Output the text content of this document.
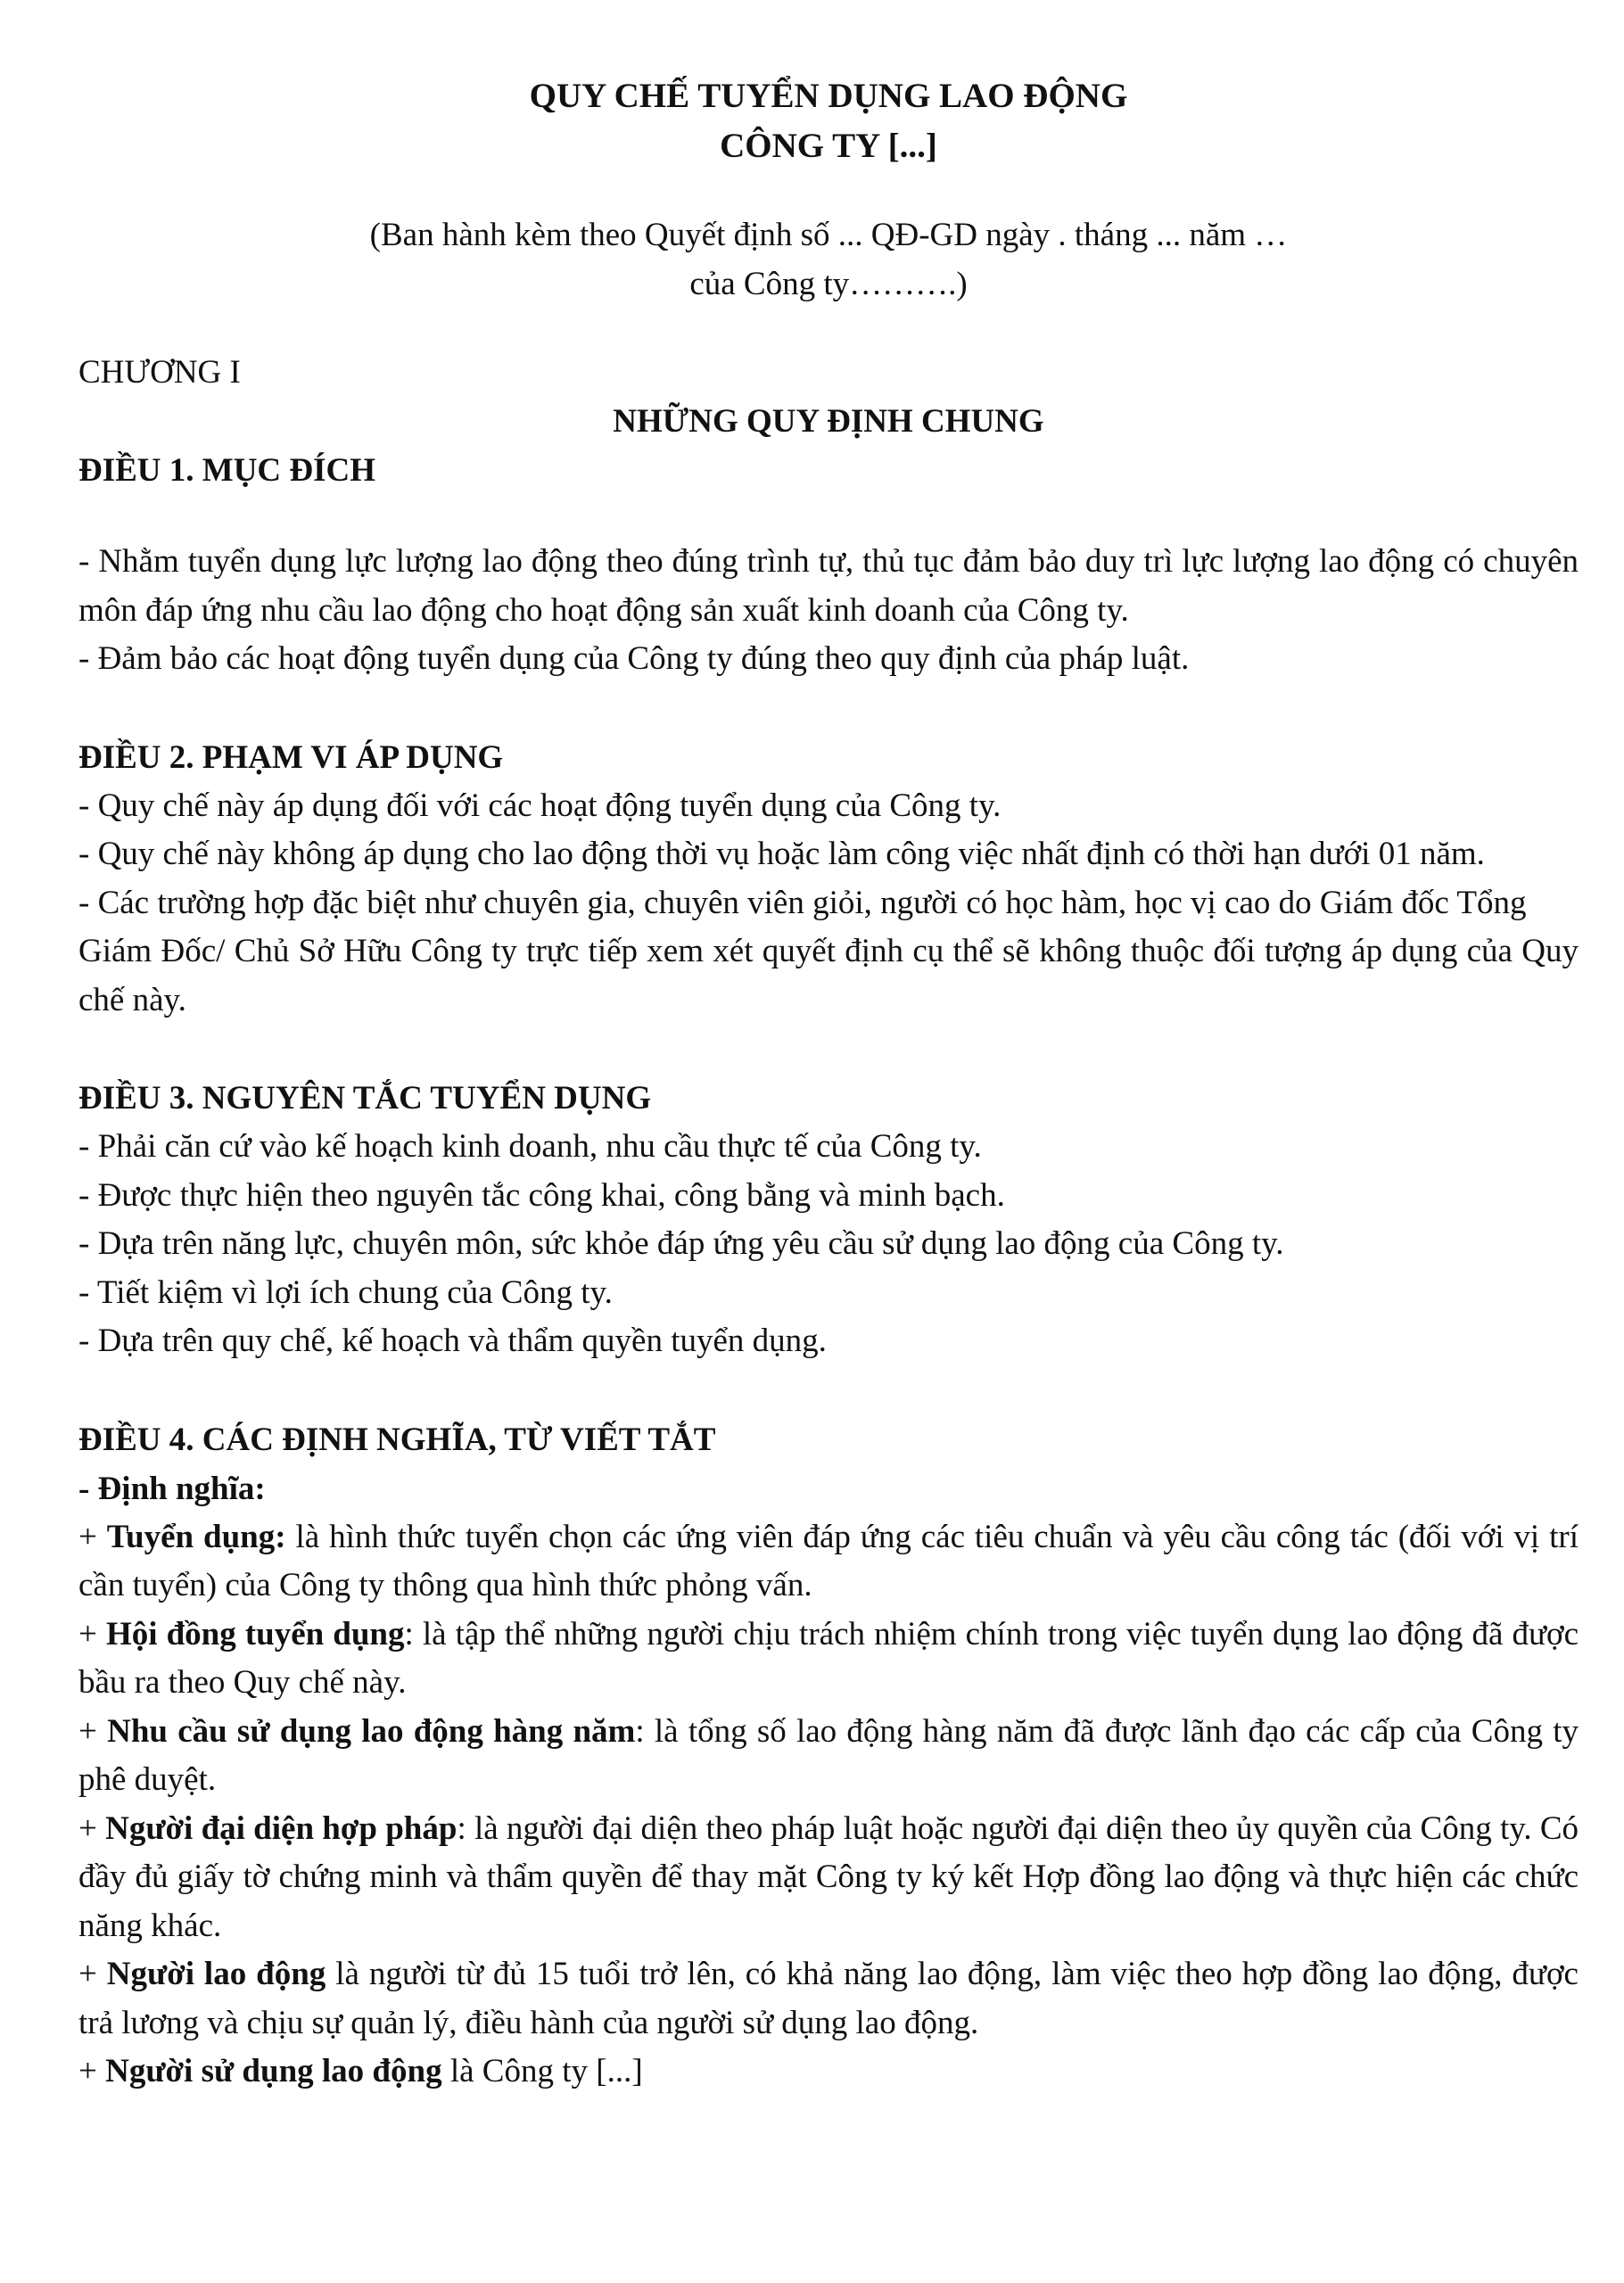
QUY CHẾ TUYỂN DỤNG LAO ĐỘNG
CÔNG TY [...]
(Ban hành kèm theo Quyết định số ... QĐ-GD ngày . tháng ... năm …
của Công ty……….)
CHƯƠNG I
NHỮNG QUY ĐỊNH CHUNG
ĐIỀU 1. MỤC ĐÍCH

- Nhằm tuyển dụng lực lượng lao động theo đúng trình tự, thủ tục đảm bảo duy trì lực lượng lao động có chuyên môn đáp ứng nhu cầu lao động cho hoạt động sản xuất kinh doanh của Công ty.

- Đảm bảo các hoạt động tuyển dụng của Công ty đúng theo quy định của pháp luật.

ĐIỀU 2. PHẠM VI ÁP DỤNG

- Quy chế này áp dụng đối với các hoạt động tuyển dụng của Công ty.

- Quy chế này không áp dụng cho lao động thời vụ hoặc làm công việc nhất định có thời hạn dưới 01 năm.

- Các trường hợp đặc biệt như chuyên gia, chuyên viên giỏi, người có học hàm, học vị cao do Giám đốc Tổng

Giám Đốc/ Chủ Sở Hữu Công ty trực tiếp xem xét quyết định cụ thể sẽ không thuộc đối tượng áp dụng của Quy chế này.

ĐIỀU 3. NGUYÊN TẮC TUYỂN DỤNG

- Phải căn cứ vào kế hoạch kinh doanh, nhu cầu thực tế của Công ty.

- Được thực hiện theo nguyên tắc công khai, công bằng và minh bạch.

- Dựa trên năng lực, chuyên môn, sức khỏe đáp ứng yêu cầu sử dụng lao động của Công ty.

- Tiết kiệm vì lợi ích chung của Công ty.

- Dựa trên quy chế, kế hoạch và thẩm quyền tuyển dụng.

ĐIỀU 4. CÁC ĐỊNH NGHĨA, TỪ VIẾT TẮT
- Định nghĩa:

+ Tuyển dụng: là hình thức tuyển chọn các ứng viên đáp ứng các tiêu chuẩn và yêu cầu công tác (đối với vị trí cần tuyển) của Công ty thông qua hình thức phỏng vấn.

+ Hội đồng tuyển dụng: là tập thể những người chịu trách nhiệm chính trong việc tuyển dụng lao động đã được bầu ra theo Quy chế này.

+ Nhu cầu sử dụng lao động hàng năm: là tổng số lao động hàng năm đã được lãnh đạo các cấp của Công ty phê duyệt.

+ Người đại diện hợp pháp: là người đại diện theo pháp luật hoặc người đại diện theo ủy quyền của Công ty. Có đầy đủ giấy tờ chứng minh và thẩm quyền để thay mặt Công ty ký kết Hợp đồng lao động và thực hiện các chức năng khác.

+ Người lao động là người từ đủ 15 tuổi trở lên, có khả năng lao động, làm việc theo hợp đồng lao động, được trả lương và chịu sự quản lý, điều hành của người sử dụng lao động.

+ Người sử dụng lao động là Công ty [...]
